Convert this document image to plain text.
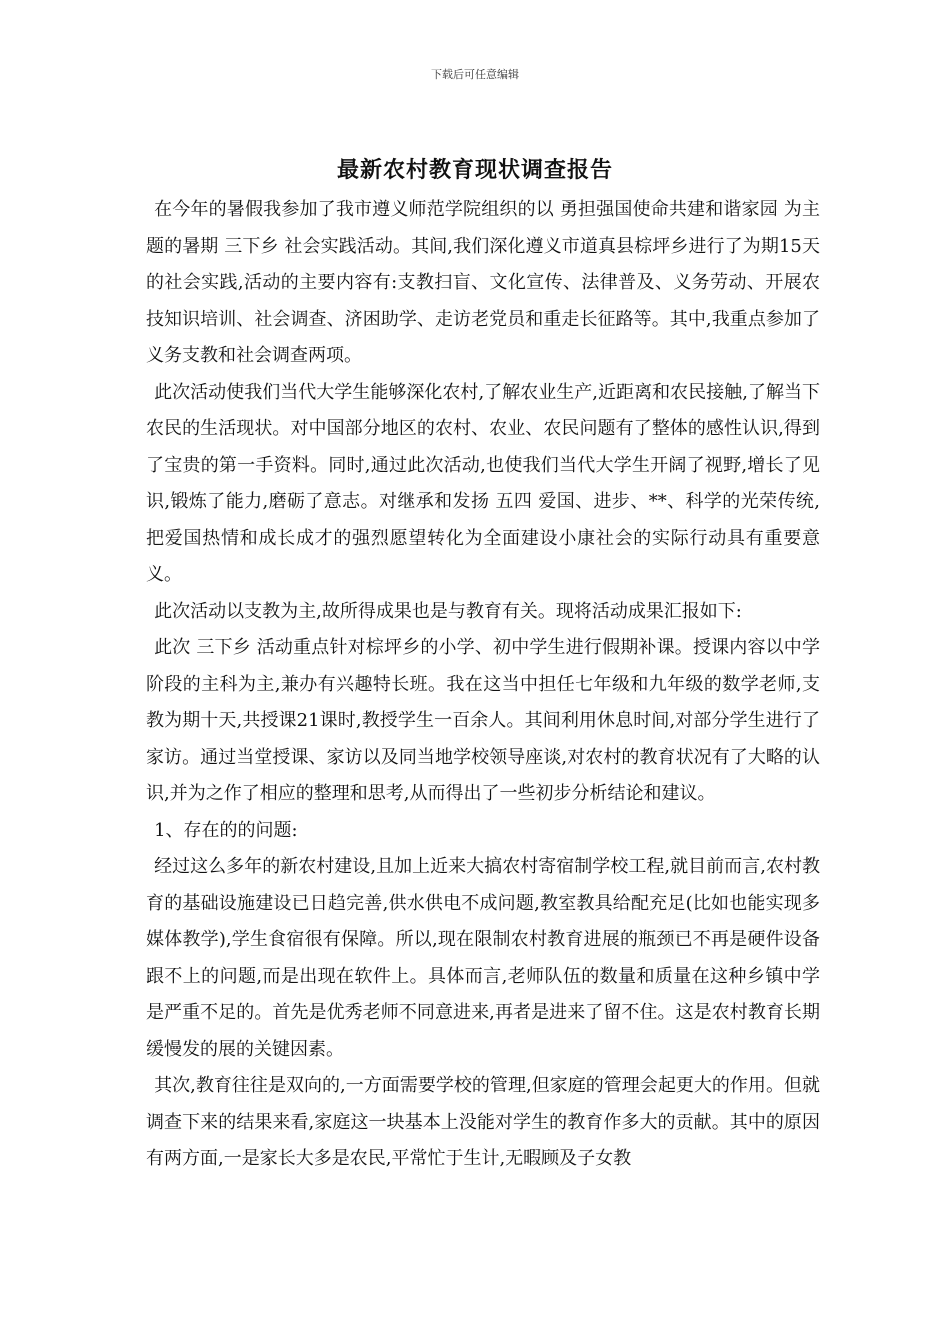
下载后可任意编辑
最新农村教育现状调查报告

在今年的暑假我参加了我市遵义师范学院组织的以 勇担强国使命共建和谐家园 为主题的暑期 三下乡 社会实践活动。其间,我们深化遵义市道真县棕坪乡进行了为期15天的社会实践,活动的主要内容有:支教扫盲、文化宣传、法律普及、义务劳动、开展农技知识培训、社会调查、济困助学、走访老党员和重走长征路等。其中,我重点参加了义务支教和社会调查两项。

此次活动使我们当代大学生能够深化农村,了解农业生产,近距离和农民接触,了解当下农民的生活现状。对中国部分地区的农村、农业、农民问题有了整体的感性认识,得到了宝贵的第一手资料。同时,通过此次活动,也使我们当代大学生开阔了视野,增长了见识,锻炼了能力,磨砺了意志。对继承和发扬 五四 爱国、进步、**、科学的光荣传统,把爱国热情和成长成才的强烈愿望转化为全面建设小康社会的实际行动具有重要意义。

此次活动以支教为主,故所得成果也是与教育有关。现将活动成果汇报如下:

此次 三下乡 活动重点针对棕坪乡的小学、初中学生进行假期补课。授课内容以中学阶段的主科为主,兼办有兴趣特长班。我在这当中担任七年级和九年级的数学老师,支教为期十天,共授课21课时,教授学生一百余人。其间利用休息时间,对部分学生进行了家访。通过当堂授课、家访以及同当地学校领导座谈,对农村的教育状况有了大略的认识,并为之作了相应的整理和思考,从而得出了一些初步分析结论和建议。

1、存在的的问题:

经过这么多年的新农村建设,且加上近来大搞农村寄宿制学校工程,就目前而言,农村教育的基础设施建设已日趋完善,供水供电不成问题,教室教具给配充足(比如也能实现多媒体教学),学生食宿很有保障。所以,现在限制农村教育进展的瓶颈已不再是硬件设备跟不上的问题,而是出现在软件上。具体而言,老师队伍的数量和质量在这种乡镇中学是严重不足的。首先是优秀老师不同意进来,再者是进来了留不住。这是农村教育长期缓慢发的展的关键因素。

其次,教育往往是双向的,一方面需要学校的管理,但家庭的管理会起更大的作用。但就调查下来的结果来看,家庭这一块基本上没能对学生的教育作多大的贡献。其中的原因有两方面,一是家长大多是农民,平常忙于生计,无暇顾及子女教
